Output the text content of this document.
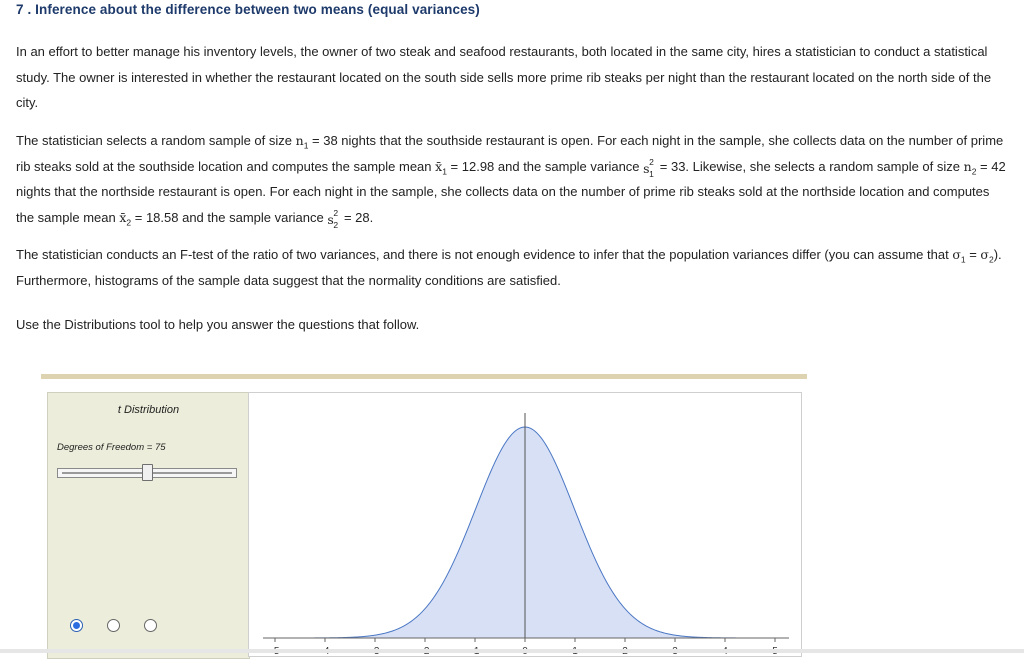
7 . Inference about the difference between two means (equal variances)
In an effort to better manage his inventory levels, the owner of two steak and seafood restaurants, both located in the same city, hires a statistician to conduct a statistical study. The owner is interested in whether the restaurant located on the south side sells more prime rib steaks per night than the restaurant located on the north side of the city.
The statistician selects a random sample of size $n_1 = 38$ nights that the southside restaurant is open. For each night in the sample, she collects data on the number of prime rib steaks sold at the southside location and computes the sample mean $x̄_1 = 12.98$ and the sample variance s 2
1 = 33. Likewise, she selects a random sample of size $n_2 = 42$ nights that the northside restaurant is open. For each night in the sample, she collects data on the number of prime rib steaks sold at the northside location and computes the sample mean $x̄_2 = 18.58$ and the sample variance s 2
2 = 28.
The statistician conducts an F-test of the ratio of two variances, and there is not enough evidence to infer that the population variances differ (you can assume that $\sigma_1 = \sigma_2$). Furthermore, histograms of the sample data suggest that the normality conditions are satisfied.
Use the Distributions tool to help you answer the questions that follow.
t Distribution
Degrees of Freedom = 75
